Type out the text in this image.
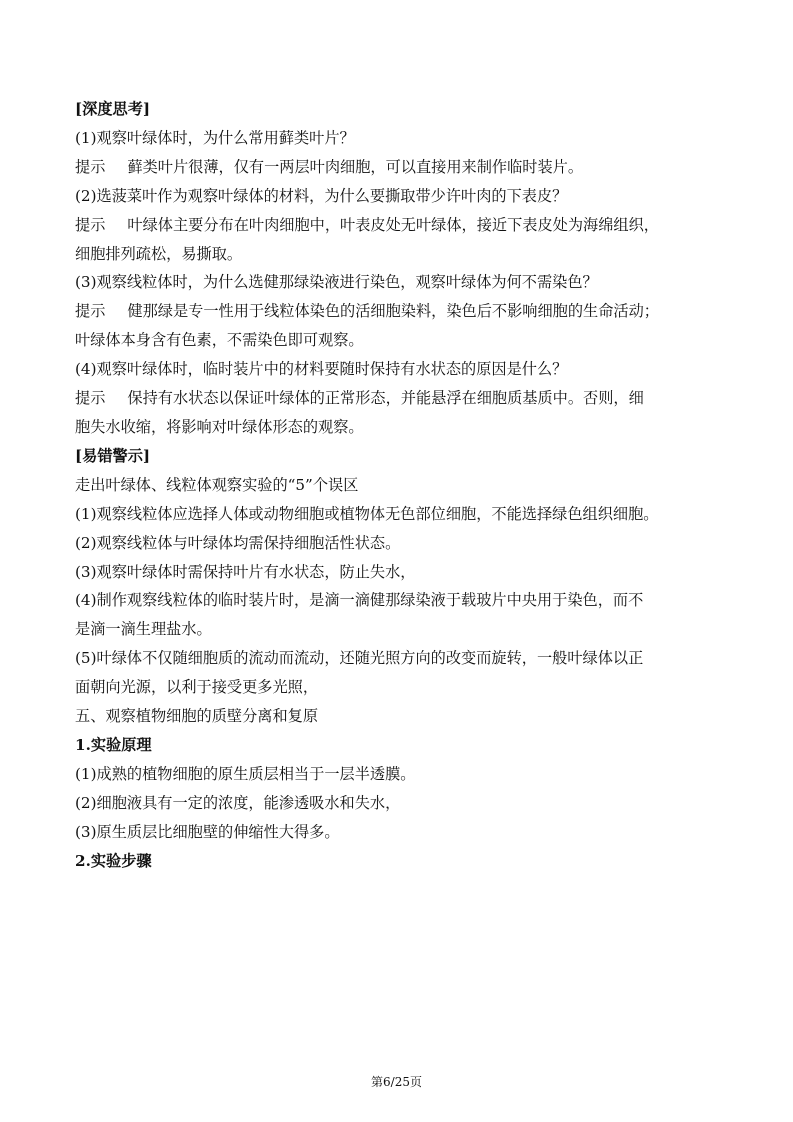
[深度思考]
(1)观察叶绿体时，为什么常用藓类叶片？
提示 藓类叶片很薄，仅有一两层叶肉细胞，可以直接用来制作临时装片。
(2)选菠菜叶作为观察叶绿体的材料，为什么要撕取带少许叶肉的下表皮？
提示 叶绿体主要分布在叶肉细胞中，叶表皮处无叶绿体，接近下表皮处为海绵组织，
细胞排列疏松，易撕取。
(3)观察线粒体时，为什么选健那绿染液进行染色，观察叶绿体为何不需染色？
提示 健那绿是专一性用于线粒体染色的活细胞染料，染色后不影响细胞的生命活动；
叶绿体本身含有色素，不需染色即可观察。
(4)观察叶绿体时，临时装片中的材料要随时保持有水状态的原因是什么？
提示 保持有水状态以保证叶绿体的正常形态，并能悬浮在细胞质基质中。否则，细
胞失水收缩，将影响对叶绿体形态的观察。
[易错警示]
走出叶绿体、线粒体观察实验的“5”个误区
(1)观察线粒体应选择人体或动物细胞或植物体无色部位细胞，不能选择绿色组织细胞。
(2)观察线粒体与叶绿体均需保持细胞活性状态。
(3)观察叶绿体时需保持叶片有水状态，防止失水，
(4)制作观察线粒体的临时装片时，是滴一滴健那绿染液于载玻片中央用于染色，而不
是滴一滴生理盐水。
(5)叶绿体不仅随细胞质的流动而流动，还随光照方向的改变而旋转，一般叶绿体以正
面朝向光源，以利于接受更多光照，
五、观察植物细胞的质壁分离和复原
1.实验原理
(1)成熟的植物细胞的原生质层相当于一层半透膜。
(2)细胞液具有一定的浓度，能渗透吸水和失水，
(3)原生质层比细胞壁的伸缩性大得多。
2.实验步骤
第6/25页
